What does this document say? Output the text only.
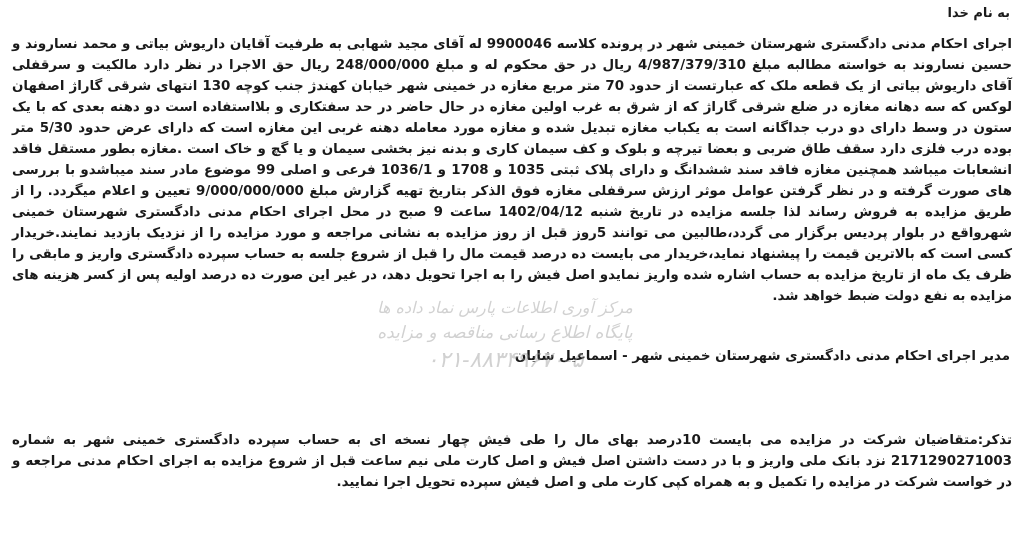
به نام خدا
اجرای احکام مدنی دادگستری شهرستان خمینی شهر در پرونده کلاسه 9900046 له آقای مجید شهابی به طرفیت آقایان داریوش بیاتی و محمد نساروند و حسین نساروند به خواسته مطالبه مبلغ 4/987/379/310 ریال در حق محکوم له و مبلغ 248/000/000 ریال حق الاجرا در نظر دارد مالکیت و سرقفلی آقای داریوش بیاتی از یک قطعه ملک که عبارتست از حدود 70 متر مربع مغازه در خمینی شهر خیابان کهندژ جنب کوچه 130 انتهای شرقی گاراژ اصفهان لوکس که سه دهانه مغازه در ضلع شرقی گاراژ که از شرق به غرب اولین مغازه در حال حاضر در حد سفتکاری و بلااستفاده است دو دهنه بعدی که با یک ستون در وسط دارای دو درب جداگانه است به یکباب مغازه تبدیل شده و مغازه مورد معامله دهنه غربی این مغازه است که دارای عرض حدود 5/30 متر بوده درب فلزی دارد سقف طاق ضربی و بعضا تیرچه و بلوک و کف سیمان کاری و بدنه نیز بخشی سیمان و یا گچ و خاک است .مغازه بطور مستقل فاقد انشعابات میباشد همچنین مغازه فاقد سند ششدانگ و دارای پلاک ثبتی 1035 و 1708 و 1036/1 فرعی و اصلی 99 موضوع مادر سند میباشدو با بررسی های صورت گرفته و در نظر گرفتن عوامل موثر ارزش سرقفلی مغازه فوق الذکر بتاریخ تهیه گزارش مبلغ 9/000/000/000 تعیین و اعلام میگردد. را از طریق مزایده به فروش رساند لذا جلسه مزایده در تاریخ شنبه 1402/04/12 ساعت 9 صبح در محل اجرای احکام مدنی دادگستری شهرستان خمینی شهرواقع در بلوار پردیس برگزار می گردد،طالبین می توانند 5روز قبل از روز مزایده به نشانی مراجعه و مورد مزایده را از نزدیک بازدید نمایند.خریدار کسی است که بالاترین قیمت را پیشنهاد نماید،خریدار می بایست ده درصد قیمت مال را قبل از شروع جلسه به حساب سپرده دادگستری واریز و مابقی را ظرف یک ماه از تاریخ مزایده به حساب اشاره شده واریز نمایدو اصل فیش را به اجرا تحویل دهد، در غیر این صورت ده درصد اولیه پس از کسر هزینه های مزایده به نفع دولت ضبط خواهد شد.
مدیر اجرای احکام مدنی دادگستری شهرستان خمینی شهر - اسماعیل شایان
تذکر:متقاضیان شرکت در مزایده می بایست 10درصد بهای مال را طی فیش چهار نسخه ای به حساب سپرده دادگستری خمینی شهر به شماره 2171290271003 نزد بانک ملی واریز و با در دست داشتن اصل فیش و اصل کارت ملی نیم ساعت قبل از شروع مزایده به اجرای احکام مدنی مراجعه و در خواست شرکت در مزایده را تکمیل و به همراه کپی کارت ملی و اصل فیش سپرده تحویل اجرا نمایید.
مرکز آوری اطلاعات پارس نماد داده ها
پایگاه اطلاع رسانی مناقصه و مزایده
۰۲۱-۸۸۳۴۹۶۷۰-۵
